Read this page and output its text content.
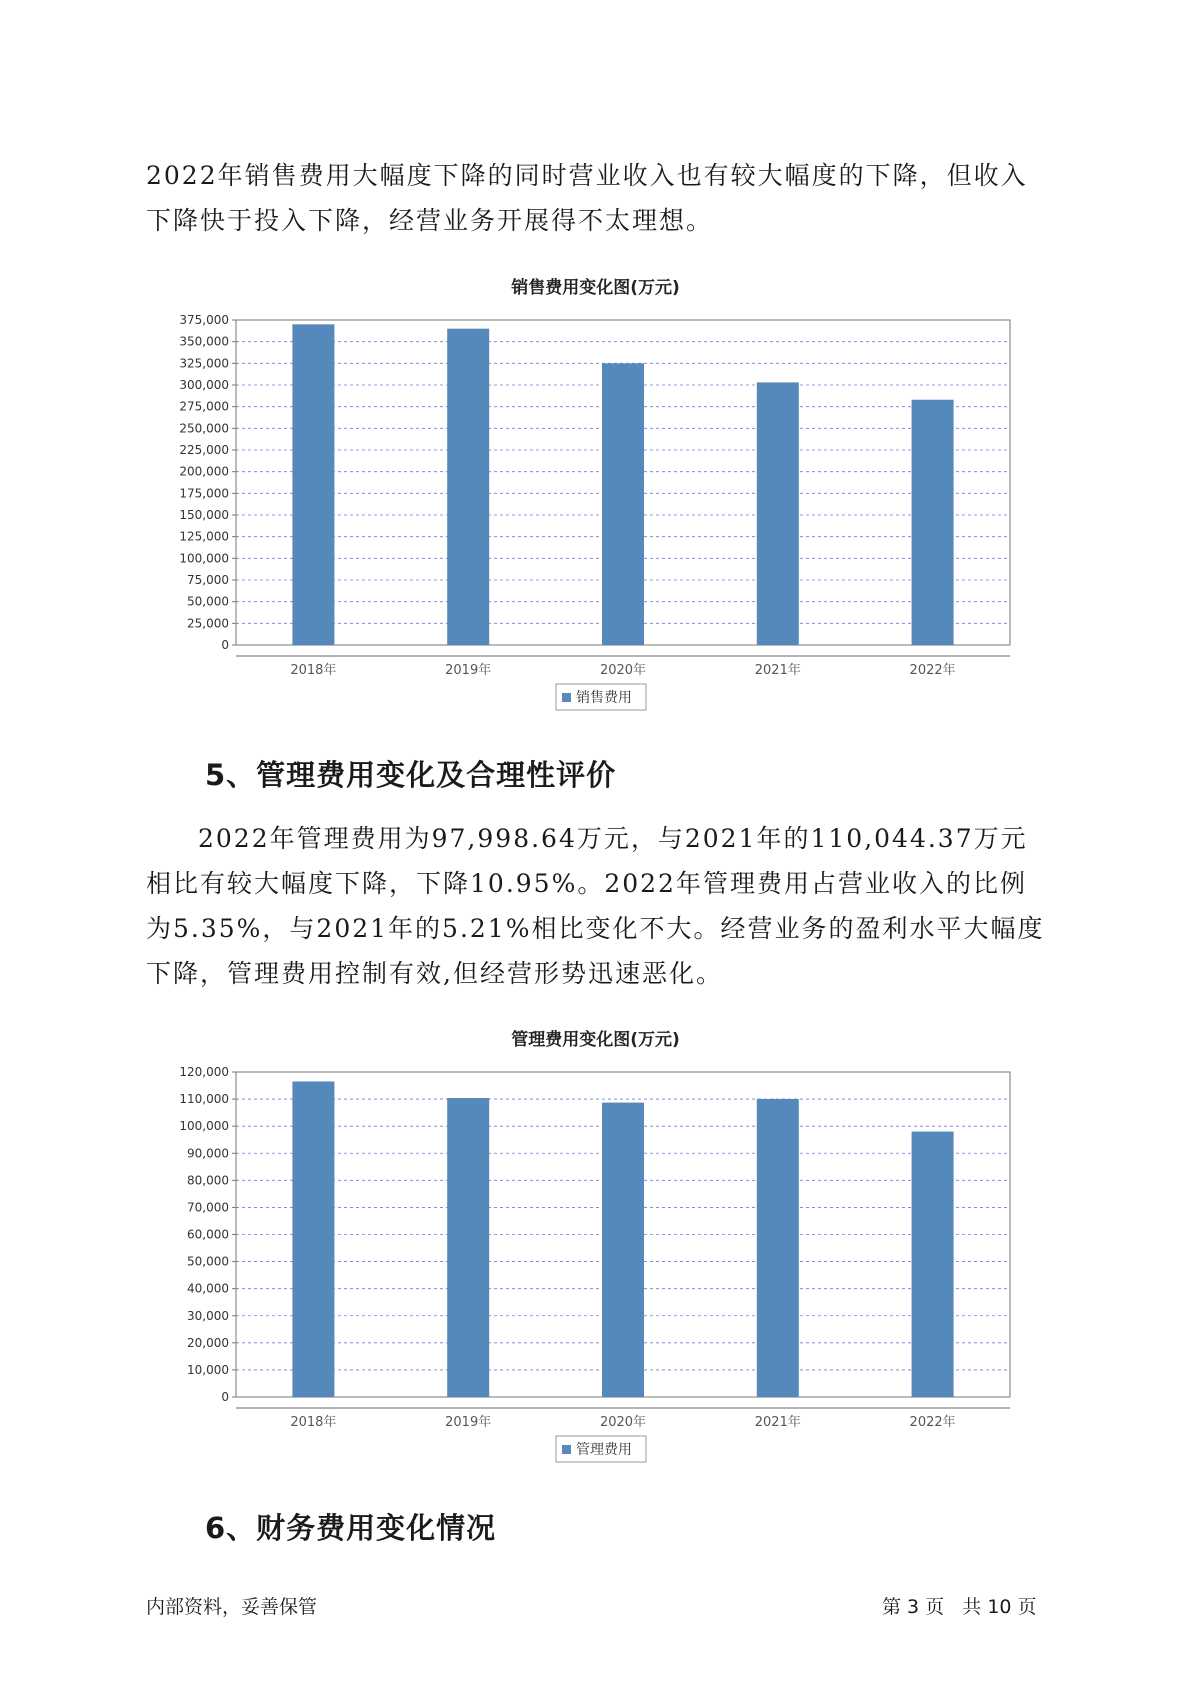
2022年销售费用大幅度下降的同时营业收入也有较大幅度的下降，但收入下降快于投入下降，经营业务开展得不太理想。

销售费用变化图(万元)
0
25,000
50,000
75,000
100,000
125,000
150,000
175,000
200,000
225,000
250,000
275,000
300,000
325,000
350,000
375,000
2018年	2019年	2020年	2021年	2022年
销售费用
5、管理费用变化及合理性评价

2022年管理费用为97,998.64万元，与2021年的110,044.37万元相比有较大幅度下降，下降10.95%。2022年管理费用占营业收入的比例为5.35%，与2021年的5.21%相比变化不大。经营业务的盈利水平大幅度下降，管理费用控制有效,但经营形势迅速恶化。

管理费用变化图(万元)
0
10,000
20,000
30,000
40,000
50,000
60,000
70,000
80,000
90,000
100,000
110,000
120,000
2018年	2019年	2020年	2021年	2022年
管理费用
6、财务费用变化情况
内部资料，妥善保管	第 3 页   共 10 页
